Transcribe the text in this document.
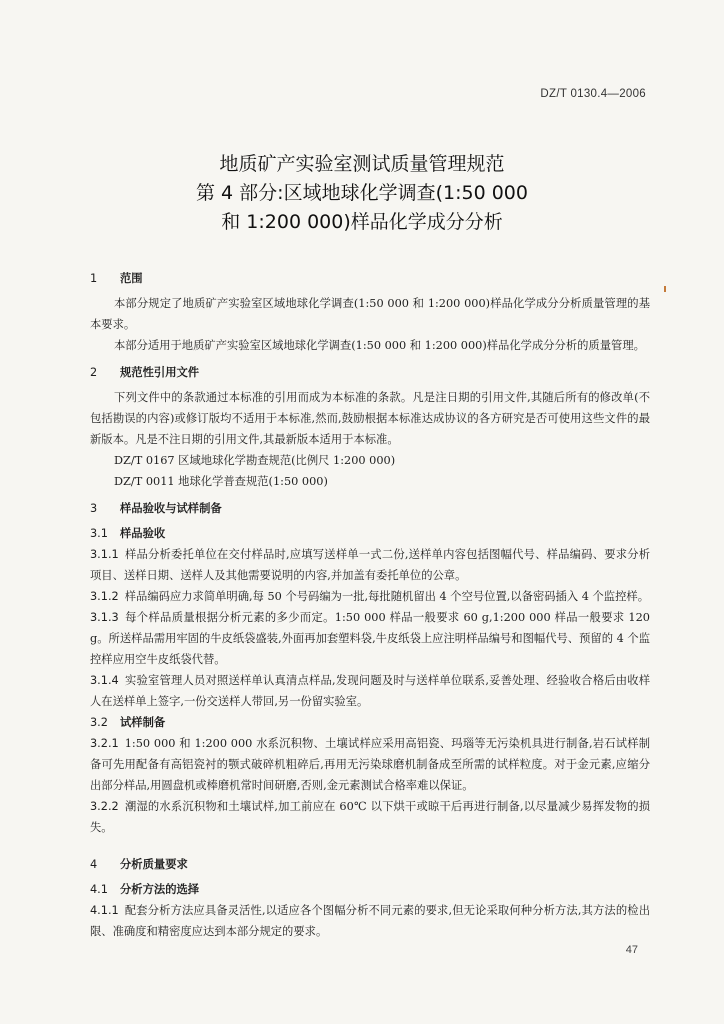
DZ/T 0130.4—2006
地质矿产实验室测试质量管理规范
第 4 部分:区域地球化学调查(1:50 000
和 1:200 000)样品化学成分分析
1 范围

本部分规定了地质矿产实验室区域地球化学调查(1:50 000 和 1:200 000)样品化学成分分析质量管理的基本要求。

本部分适用于地质矿产实验室区域地球化学调查(1:50 000 和 1:200 000)样品化学成分分析的质量管理。

2 规范性引用文件

下列文件中的条款通过本标准的引用而成为本标准的条款。凡是注日期的引用文件,其随后所有的修改单(不包括勘误的内容)或修订版均不适用于本标准,然而,鼓励根据本标准达成协议的各方研究是否可使用这些文件的最新版本。凡是不注日期的引用文件,其最新版本适用于本标准。

DZ/T 0167 区域地球化学勘查规范(比例尺 1:200 000)

DZ/T 0011 地球化学普查规范(1:50 000)

3 样品验收与试样制备
3.1 样品验收

3.1.1 样品分析委托单位在交付样品时,应填写送样单一式二份,送样单内容包括图幅代号、样品编码、要求分析项目、送样日期、送样人及其他需要说明的内容,并加盖有委托单位的公章。

3.1.2 样品编码应力求简单明确,每 50 个号码编为一批,每批随机留出 4 个空号位置,以备密码插入 4 个监控样。

3.1.3 每个样品质量根据分析元素的多少而定。1:50 000 样品一般要求 60 g,1:200 000 样品一般要求 120 g。所送样品需用牢固的牛皮纸袋盛装,外面再加套塑料袋,牛皮纸袋上应注明样品编号和图幅代号、预留的 4 个监控样应用空牛皮纸袋代替。

3.1.4 实验室管理人员对照送样单认真清点样品,发现问题及时与送样单位联系,妥善处理、经验收合格后由收样人在送样单上签字,一份交送样人带回,另一份留实验室。

3.2 试样制备

3.2.1 1:50 000 和 1:200 000 水系沉积物、土壤试样应采用高铝瓷、玛瑙等无污染机具进行制备,岩石试样制备可先用配备有高铝瓷衬的颚式破碎机粗碎后,再用无污染球磨机制备成至所需的试样粒度。对于金元素,应缩分出部分样品,用圆盘机或棒磨机常时间研磨,否则,金元素测试合格率难以保证。

3.2.2 潮湿的水系沉积物和土壤试样,加工前应在 60℃ 以下烘干或晾干后再进行制备,以尽量减少易挥发物的损失。

4 分析质量要求
4.1 分析方法的选择

4.1.1 配套分析方法应具备灵活性,以适应各个图幅分析不同元素的要求,但无论采取何种分析方法,其方法的检出限、准确度和精密度应达到本部分规定的要求。

47
